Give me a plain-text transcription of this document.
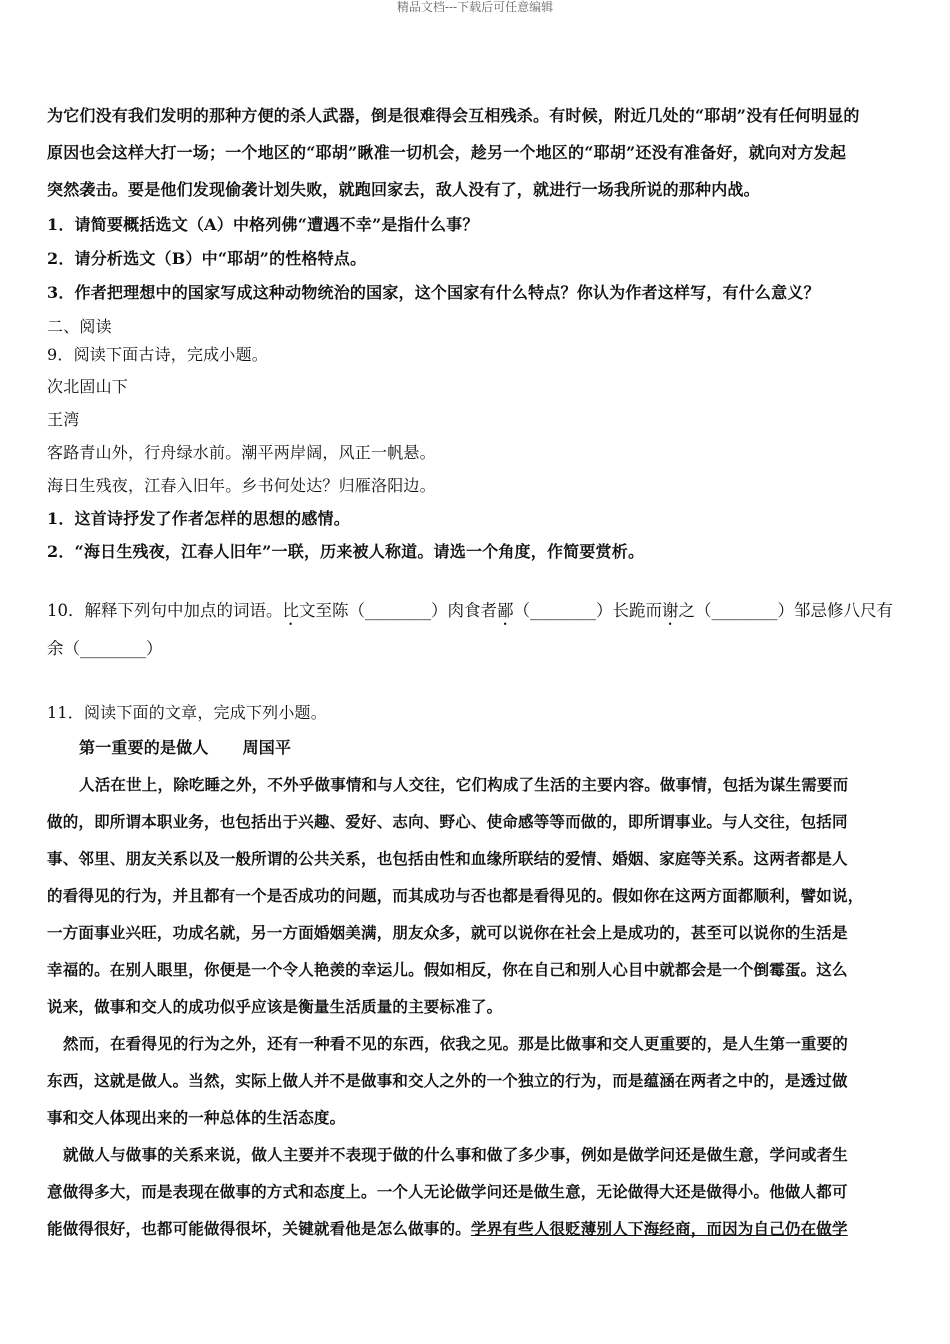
精品文档---下载后可任意编辑
为它们没有我们发明的那种方便的杀人武器，倒是很难得会互相残杀。有时候，附近几处的“耶胡”没有任何明显的
原因也会这样大打一场；一个地区的“耶胡”瞅准一切机会，趁另一个地区的“耶胡”还没有准备好，就向对方发起
突然袭击。要是他们发现偷袭计划失败，就跑回家去，敌人没有了，就进行一场我所说的那种内战。
1．请简要概括选文（A）中格列佛“遭遇不幸”是指什么事？
2．请分析选文（B）中“耶胡”的性格特点。
3．作者把理想中的国家写成这种动物统治的国家，这个国家有什么特点？你认为作者这样写，有什么意义？
二、阅读
9．阅读下面古诗，完成小题。
次北固山下
王湾
客路青山外，行舟绿水前。潮平两岸阔，风正一帆悬。
海日生残夜，江春入旧年。乡书何处达？归雁洛阳边。
1．这首诗抒发了作者怎样的思想的感情。
2．“海日生残夜，江春人旧年”一联，历来被人称道。请选一个角度，作简要赏析。
10．解释下列句中加点的词语。比文至陈（________）肉食者鄙（________）长跪而谢之（________）邹忌修八尺有余（________）
11．阅读下面的文章，完成下列小题。
第一重要的是做人 周国平
人活在世上，除吃睡之外，不外乎做事情和与人交往，它们构成了生活的主要内容。做事情，包括为谋生需要而
做的，即所谓本职业务，也包括出于兴趣、爱好、志向、野心、使命感等等而做的，即所谓事业。与人交往，包括同
事、邻里、朋友关系以及一般所谓的公共关系，也包括由性和血缘所联结的爱情、婚姻、家庭等关系。这两者都是人
的看得见的行为，并且都有一个是否成功的问题，而其成功与否也都是看得见的。假如你在这两方面都顺利，譬如说，
一方面事业兴旺，功成名就，另一方面婚姻美满，朋友众多，就可以说你在社会上是成功的，甚至可以说你的生活是
幸福的。在别人眼里，你便是一个令人艳羡的幸运儿。假如相反，你在自己和别人心目中就都会是一个倒霉蛋。这么
说来，做事和交人的成功似乎应该是衡量生活质量的主要标准了。
然而，在看得见的行为之外，还有一种看不见的东西，依我之见。那是比做事和交人更重要的，是人生第一重要的
东西，这就是做人。当然，实际上做人并不是做事和交人之外的一个独立的行为，而是蕴涵在两者之中的，是透过做
事和交人体现出来的一种总体的生活态度。
就做人与做事的关系来说，做人主要并不表现于做的什么事和做了多少事，例如是做学问还是做生意，学问或者生
意做得多大，而是表现在做事的方式和态度上。一个人无论做学问还是做生意，无论做得大还是做得小。他做人都可
能做得很好，也都可能做得很坏，关键就看他是怎么做事的。学界有些人很贬薄别人下海经商，而因为自己仍在做学
